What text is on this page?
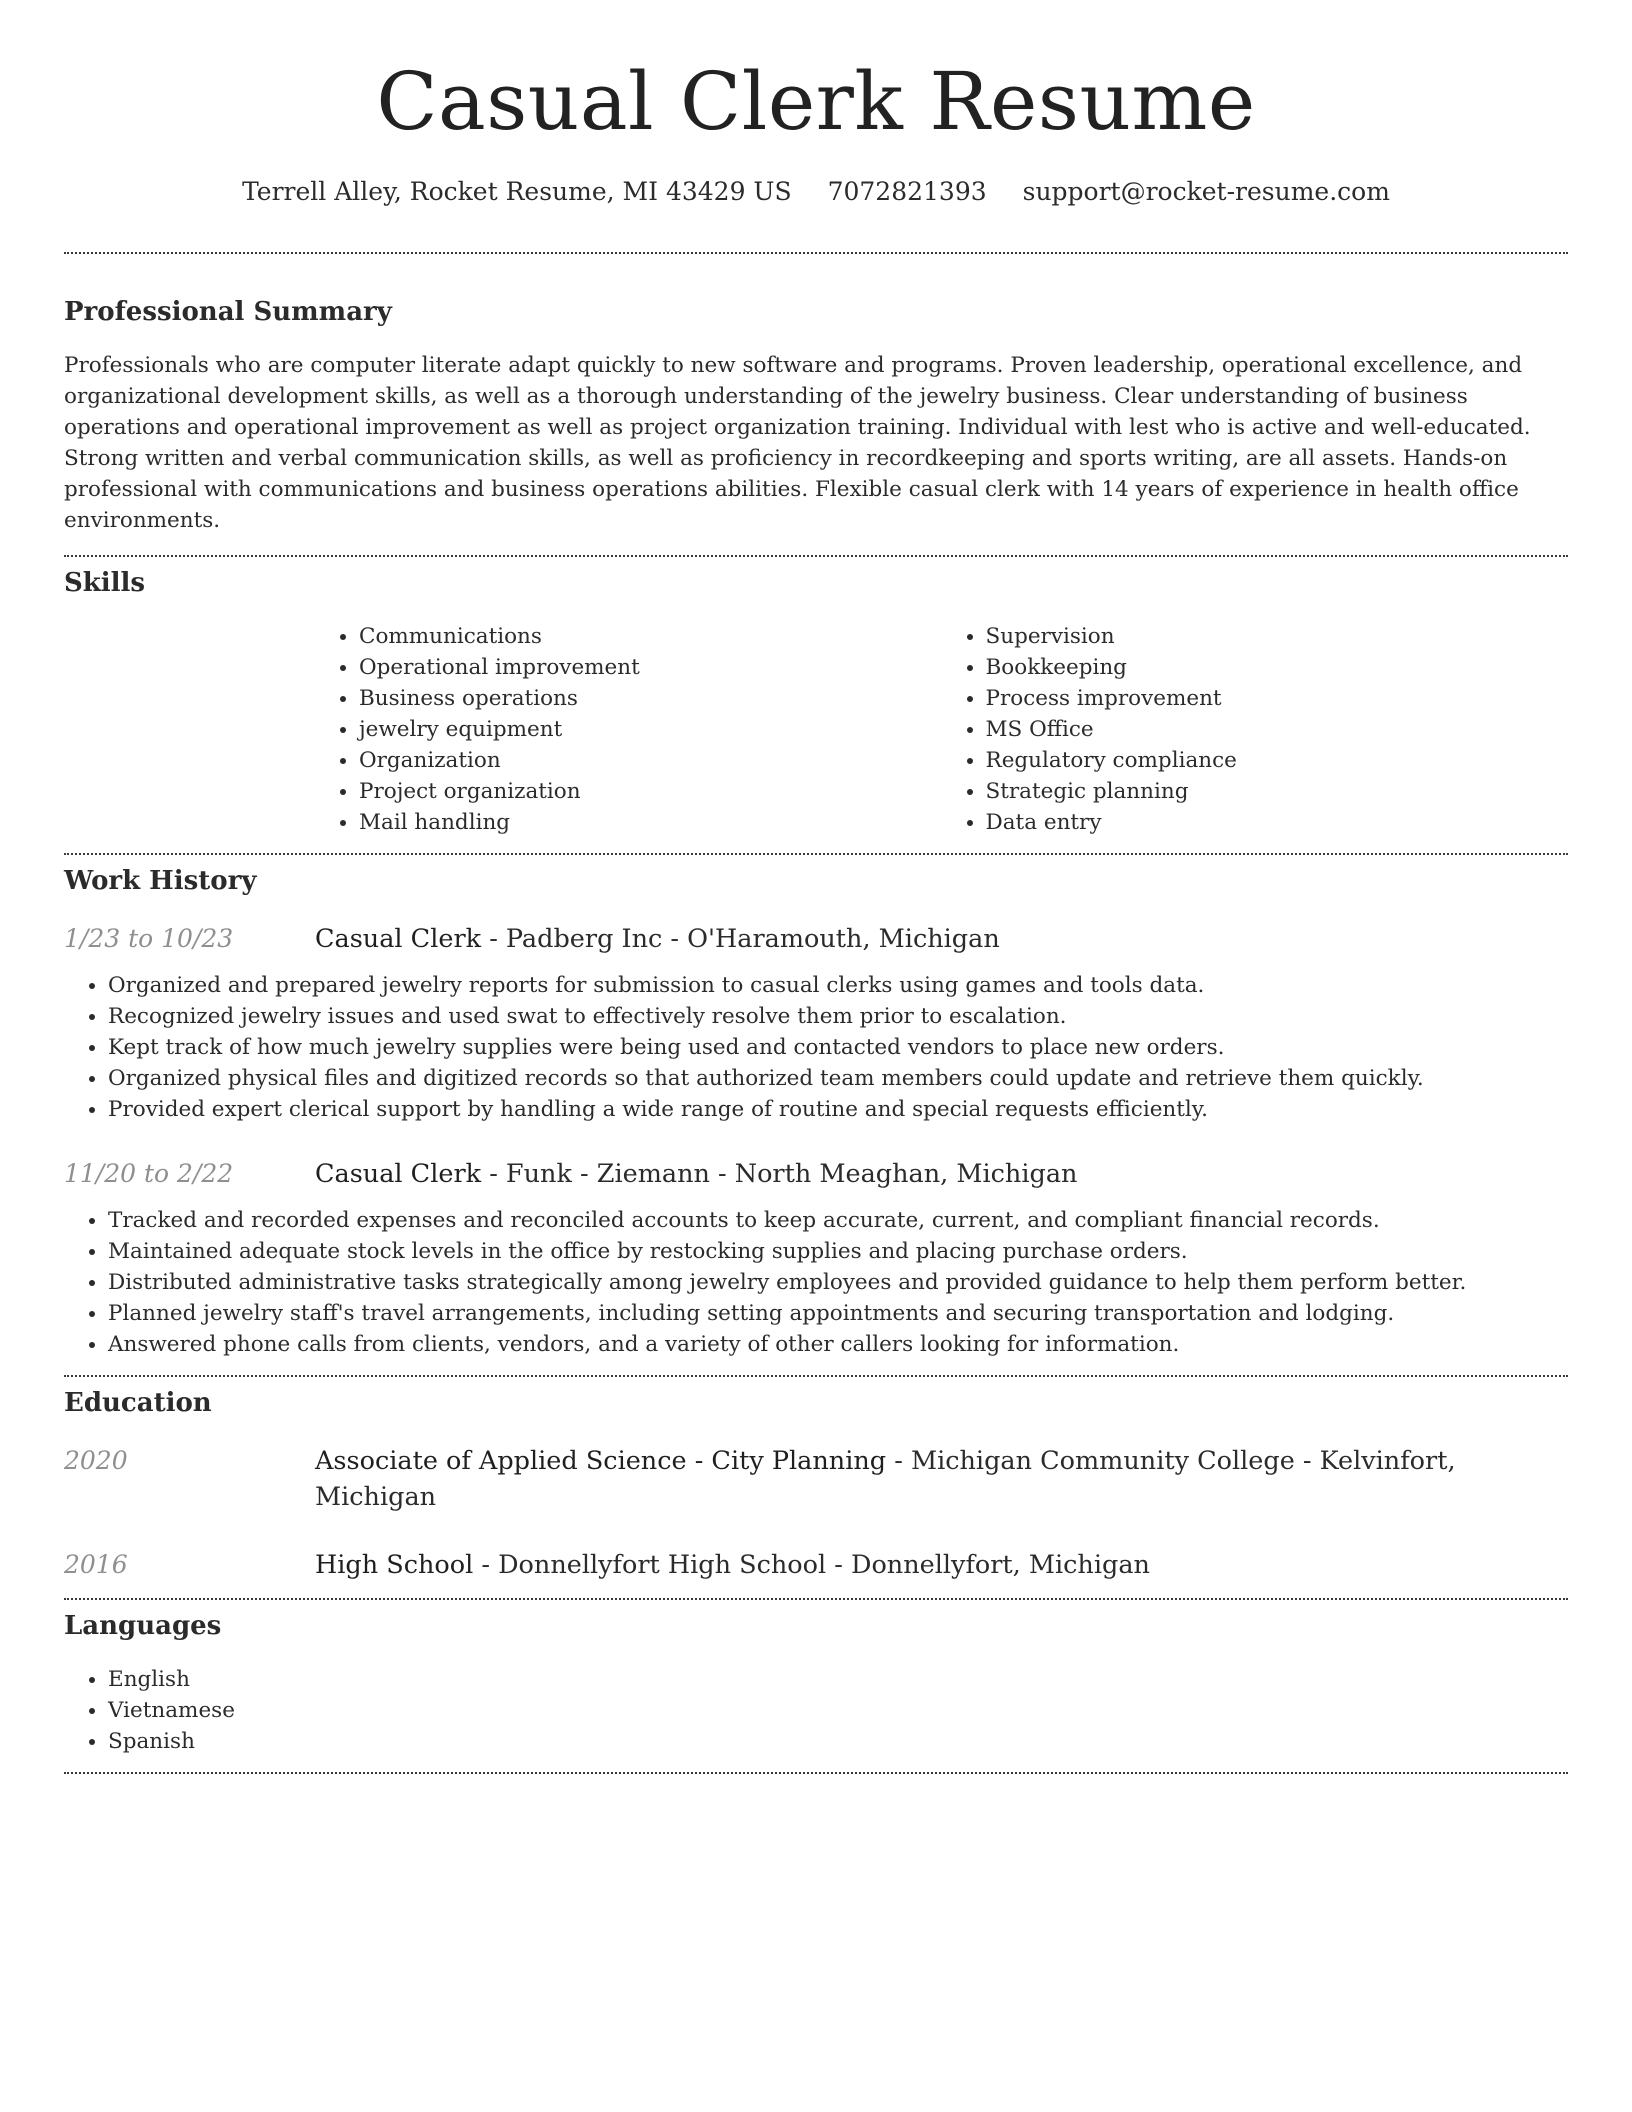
Casual Clerk Resume
Terrell Alley, Rocket Resume, MI 43429 US 7072821393 support@rocket-resume.com
Professional Summary

Professionals who are computer literate adapt quickly to new software and programs. Proven leadership, operational excellence, and organizational development skills, as well as a thorough understanding of the jewelry business. Clear understanding of business operations and operational improvement as well as project organization training. Individual with lest who is active and well-educated. Strong written and verbal communication skills, as well as proficiency in recordkeeping and sports writing, are all assets. Hands-on professional with communications and business operations abilities. Flexible casual clerk with 14 years of experience in health office environments.

Skills
• Communications
• Operational improvement
• Business operations
• jewelry equipment
• Organization
• Project organization
• Mail handling
• Supervision
• Bookkeeping
• Process improvement
• MS Office
• Regulatory compliance
• Strategic planning
• Data entry
Work History
1/23 to 10/23	Casual Clerk - Padberg Inc - O'Haramouth, Michigan
• Organized and prepared jewelry reports for submission to casual clerks using games and tools data.
• Recognized jewelry issues and used swat to effectively resolve them prior to escalation.
• Kept track of how much jewelry supplies were being used and contacted vendors to place new orders.
• Organized physical files and digitized records so that authorized team members could update and retrieve them quickly.
• Provided expert clerical support by handling a wide range of routine and special requests efficiently.
11/20 to 2/22	Casual Clerk - Funk - Ziemann - North Meaghan, Michigan
• Tracked and recorded expenses and reconciled accounts to keep accurate, current, and compliant financial records.
• Maintained adequate stock levels in the office by restocking supplies and placing purchase orders.
• Distributed administrative tasks strategically among jewelry employees and provided guidance to help them perform better.
• Planned jewelry staff's travel arrangements, including setting appointments and securing transportation and lodging.
• Answered phone calls from clients, vendors, and a variety of other callers looking for information.
Education
2020	Associate of Applied Science - City Planning - Michigan Community College - Kelvinfort, Michigan
2016	High School - Donnellyfort High School - Donnellyfort, Michigan
Languages
• English
• Vietnamese
• Spanish
